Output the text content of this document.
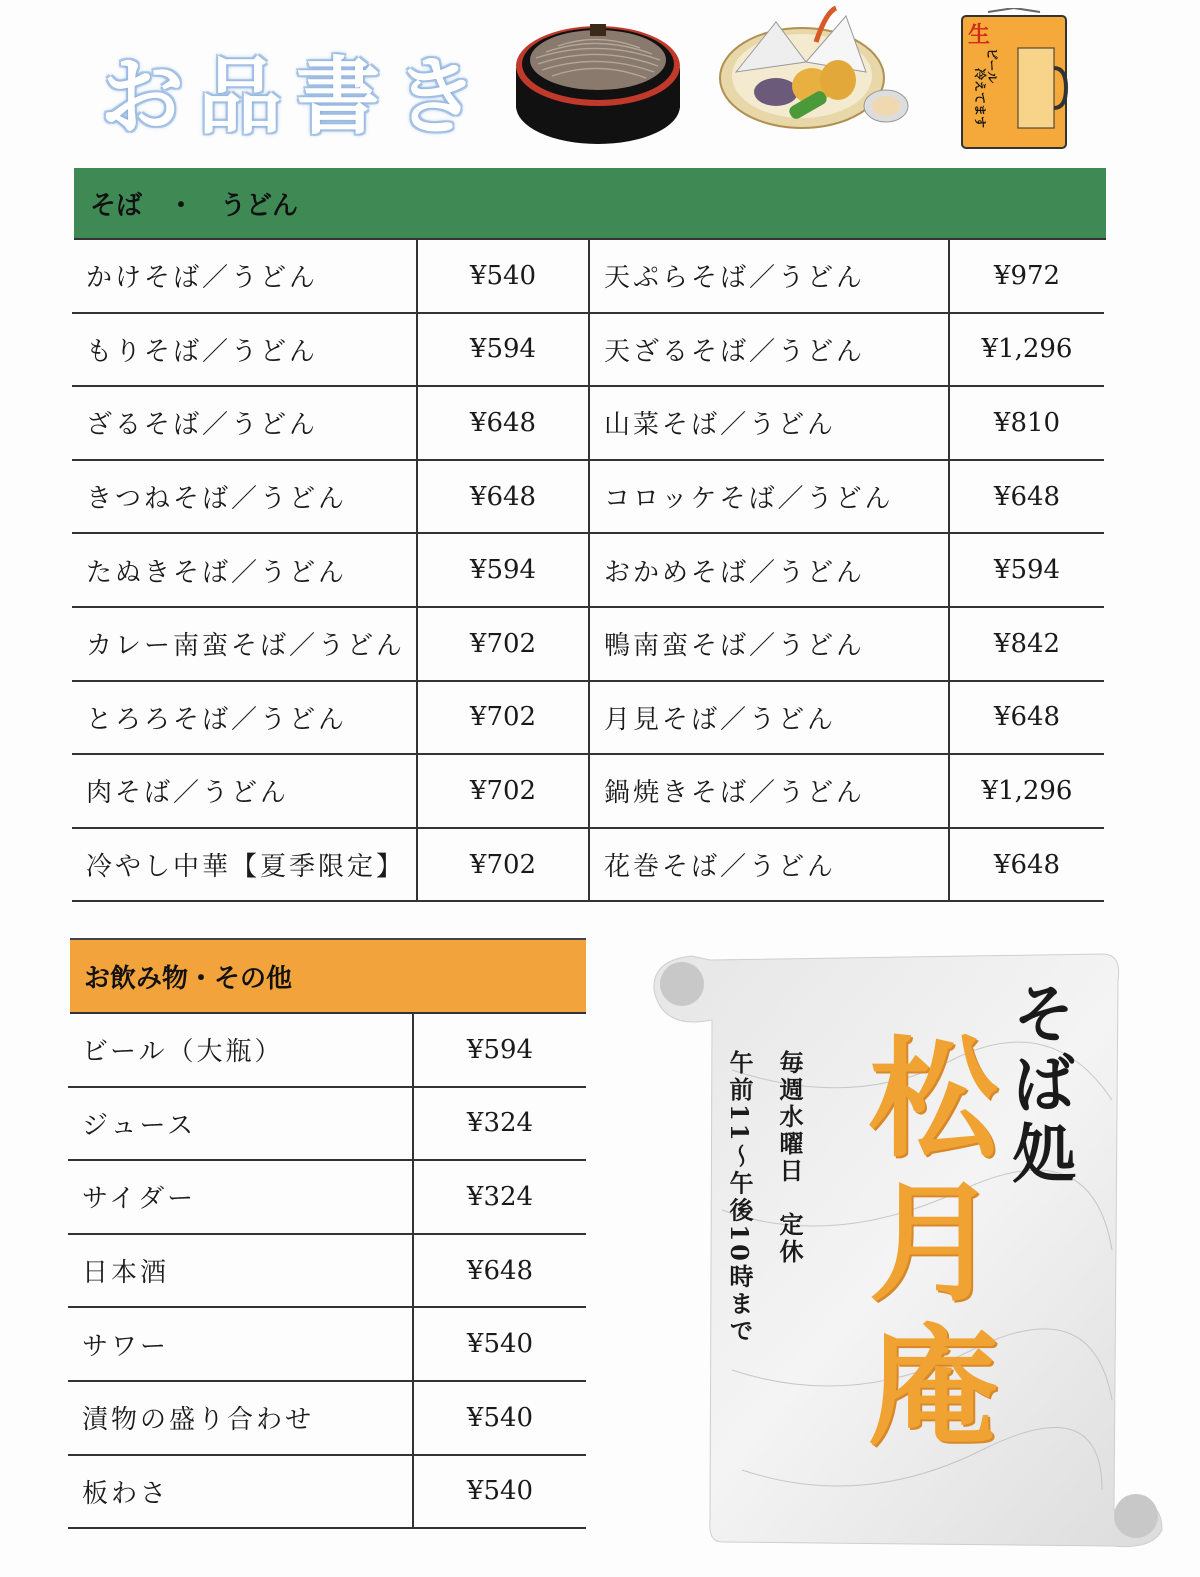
お品書き
生
ビール
冷えてます
そば　・　うどん
かけそば／うどん	¥540	天ぷらそば／うどん	¥972
もりそば／うどん	¥594	天ざるそば／うどん	¥1,296
ざるそば／うどん	¥648	山菜そば／うどん	¥810
きつねそば／うどん	¥648	コロッケそば／うどん	¥648
たぬきそば／うどん	¥594	おかめそば／うどん	¥594
カレー南蛮そば／うどん	¥702	鴨南蛮そば／うどん	¥842
とろろそば／うどん	¥702	月見そば／うどん	¥648
肉そば／うどん	¥702	鍋焼きそば／うどん	¥1,296
冷やし中華【夏季限定】	¥702	花巻そば／うどん	¥648
お飲み物・その他
ビール（大瓶）	¥594
ジュース	¥324
サイダー	¥324
日本酒	¥648
サワー	¥540
漬物の盛り合わせ	¥540
板わさ	¥540
そば処
松月庵
毎週水曜日　定休
午前11〜午後10時まで
